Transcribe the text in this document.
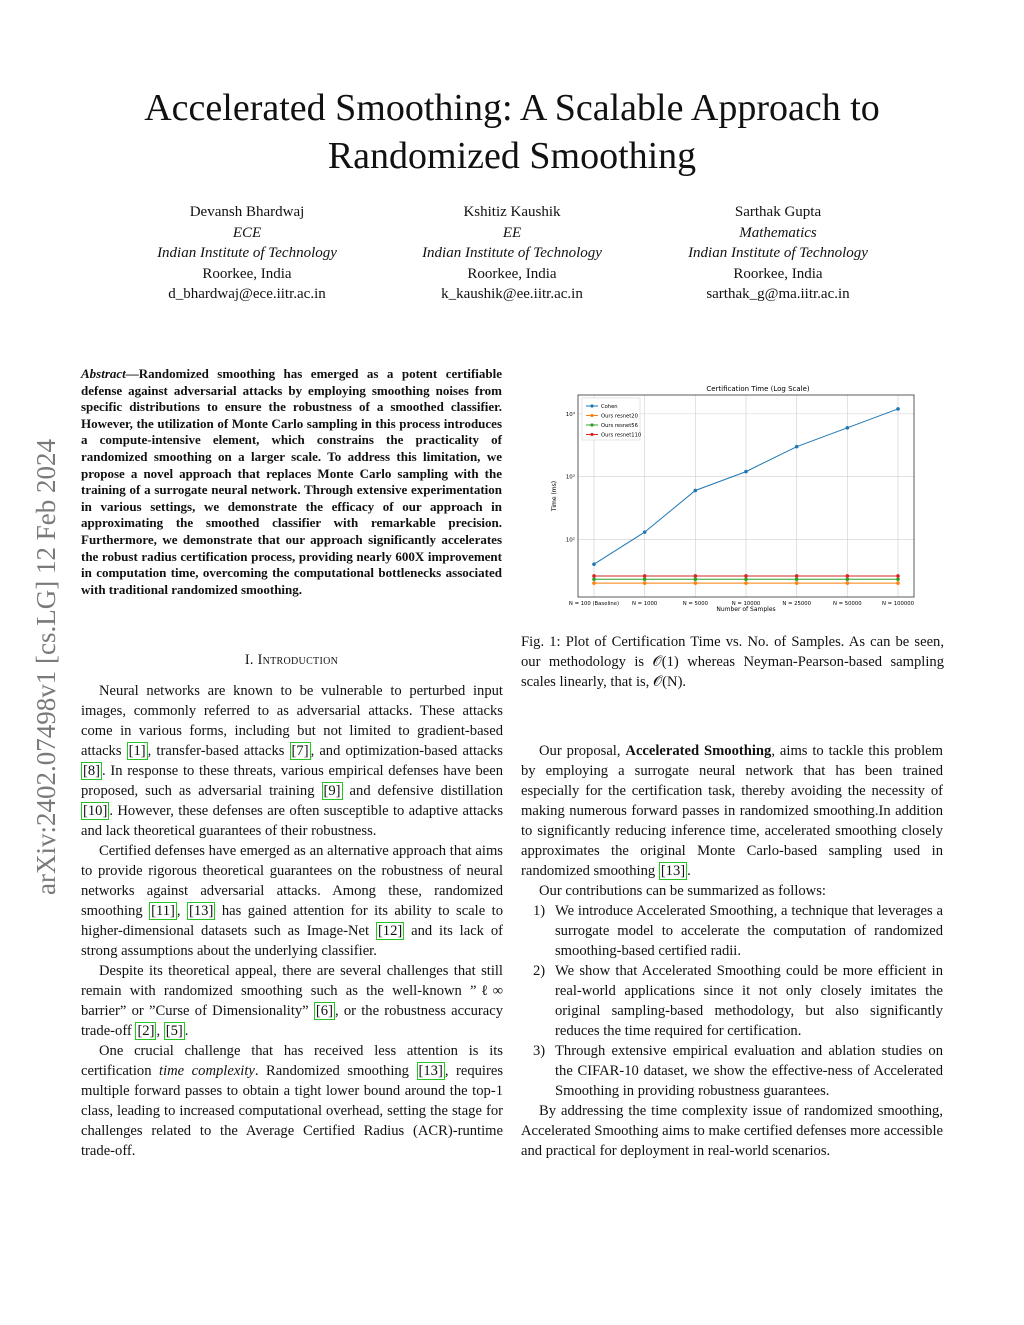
Accelerated Smoothing: A Scalable Approach to Randomized Smoothing
Devansh Bhardwaj
ECE
Indian Institute of Technology
Roorkee, India
d_bhardwaj@ece.iitr.ac.in
Kshitiz Kaushik
EE
Indian Institute of Technology
Roorkee, India
k_kaushik@ee.iitr.ac.in
Sarthak Gupta
Mathematics
Indian Institute of Technology
Roorkee, India
sarthak_g@ma.iitr.ac.in
arXiv:2402.07498v1 [cs.LG] 12 Feb 2024
Abstract—Randomized smoothing has emerged as a potent certifiable defense against adversarial attacks by employing smoothing noises from specific distributions to ensure the robustness of a smoothed classifier. However, the utilization of Monte Carlo sampling in this process introduces a compute-intensive element, which constrains the practicality of randomized smoothing on a larger scale. To address this limitation, we propose a novel approach that replaces Monte Carlo sampling with the training of a surrogate neural network. Through extensive experimentation in various settings, we demonstrate the efficacy of our approach in approximating the smoothed classifier with remarkable precision. Furthermore, we demonstrate that our approach significantly accelerates the robust radius certification process, providing nearly 600X improvement in computation time, overcoming the computational bottlenecks associated with traditional randomized smoothing.
I. Introduction

Neural networks are known to be vulnerable to perturbed input images, commonly referred to as adversarial attacks. These attacks come in various forms, including but not limited to gradient-based attacks [1] , transfer-based attacks [7] , and optimization-based attacks [8] . In response to these threats, various empirical defenses have been proposed, such as adversarial training [9] and defensive distillation [10] . However, these defenses are often susceptible to adaptive attacks and lack theoretical guarantees of their robustness.

Certified defenses have emerged as an alternative approach that aims to provide rigorous theoretical guarantees on the robustness of neural networks against adversarial attacks. Among these, randomized smoothing [11] , [13] has gained attention for its ability to scale to higher-dimensional datasets such as Image-Net [12] and its lack of strong assumptions about the underlying classifier.

Despite its theoretical appeal, there are several challenges that still remain with randomized smoothing such as the well-known ”ℓ∞ barrier” or ”Curse of Dimensionality” [6] , or the robustness accuracy trade-off [2] , [5] .

One crucial challenge that has received less attention is its certification time complexity. Randomized smoothing [13] , requires multiple forward passes to obtain a tight lower bound around the top-1 class, leading to increased computational overhead, setting the stage for challenges related to the Average Certified Radius (ACR)-runtime trade-off.

Certification Time (Log Scale)
10²
10³
10⁴
N = 100 (Baseline) N = 1000	N = 5000	N = 10000	N = 25000	N = 50000	N = 100000
Cohen
Ours resnet20
Ours resnet56
Ours resnet110
Number of Samples
Time (ms)
Fig. 1: Plot of Certification Time vs. No. of Samples. As can be seen, our methodology is 𝒪(1) whereas Neyman-Pearson-based sampling scales linearly, that is, 𝒪(N).

Our proposal, Accelerated Smoothing, aims to tackle this problem by employing a surrogate neural network that has been trained especially for the certification task, thereby avoiding the necessity of making numerous forward passes in randomized smoothing.In addition to significantly reducing inference time, accelerated smoothing closely approximates the original Monte Carlo-based sampling used in randomized smoothing [13] .

Our contributions can be summarized as follows:

1) We introduce Accelerated Smoothing, a technique that leverages a surrogate model to accelerate the computation of randomized smoothing-based certified radii.
2) We show that Accelerated Smoothing could be more efficient in real-world applications since it not only closely imitates the original sampling-based methodology, but also significantly reduces the time required for certification.
3) Through extensive empirical evaluation and ablation studies on the CIFAR-10 dataset, we show the effective-ness of Accelerated Smoothing in providing robustness guarantees.

By addressing the time complexity issue of randomized smoothing, Accelerated Smoothing aims to make certified defenses more accessible and practical for deployment in real-world scenarios.
